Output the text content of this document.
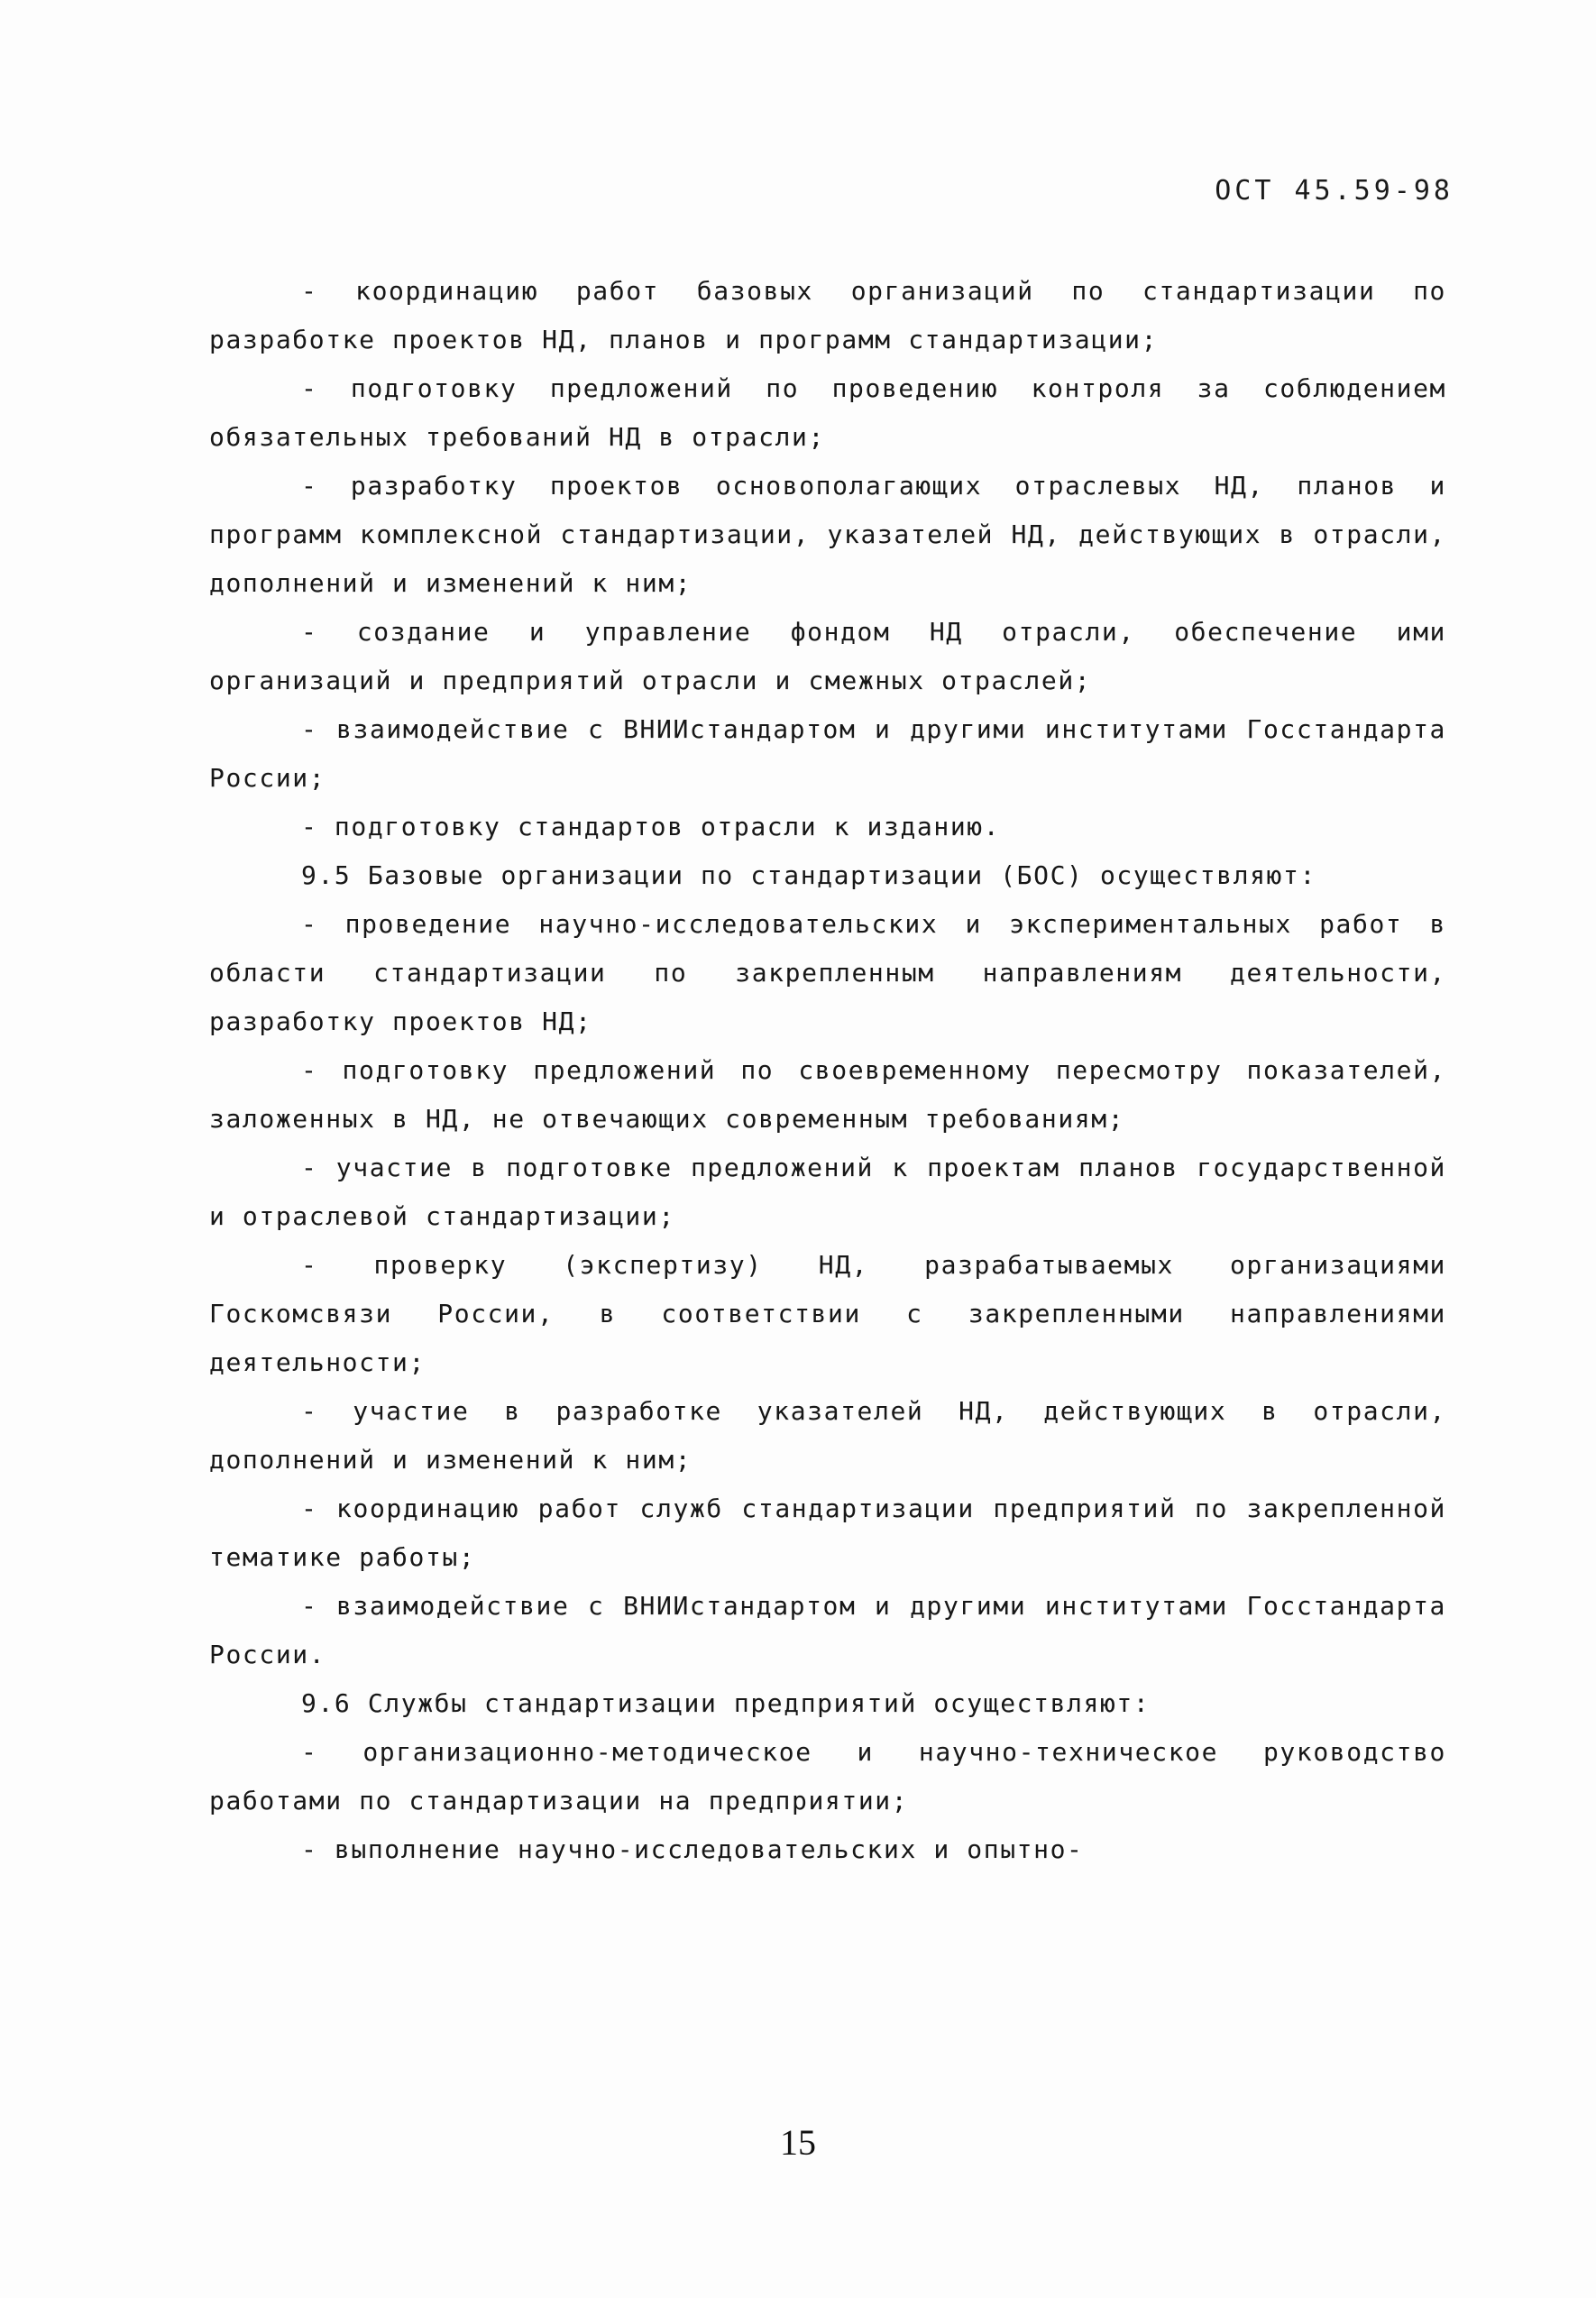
ОСТ 45.59-98

- координацию работ базовых организаций по стандартизации по разработке проектов НД, планов и программ стандартизации;

- подготовку предложений по проведению контроля за соблюдением обязательных требований НД в отрасли;

- разработку проектов основополагающих отраслевых НД, планов и программ комплексной стандартизации, указателей НД, действующих в отрасли, дополнений и изменений к ним;

- создание и управление фондом НД отрасли, обеспечение ими организаций и предприятий отрасли и смежных отраслей;

- взаимодействие с ВНИИстандартом и другими институтами Госстандарта России;

- подготовку стандартов отрасли к изданию.

9.5 Базовые организации по стандартизации (БОС) осуществляют:

- проведение научно-исследовательских и экспериментальных работ в области стандартизации по закрепленным направлениям деятельности, разработку проектов НД;

- подготовку предложений по своевременному пересмотру показателей, заложенных в НД, не отвечающих современным требованиям;

- участие в подготовке предложений к проектам планов государственной и отраслевой стандартизации;

- проверку (экспертизу) НД, разрабатываемых организациями Госкомсвязи России, в соответствии с закрепленными направлениями деятельности;

- участие в разработке указателей НД, действующих в отрасли, дополнений и изменений к ним;

- координацию работ служб стандартизации предприятий по закрепленной тематике работы;

- взаимодействие с ВНИИстандартом и другими институтами Госстандарта России.

9.6 Службы стандартизации предприятий осуществляют:

- организационно-методическое и научно-техническое руководство работами по стандартизации на предприятии;

- выполнение научно-исследовательских и опытно-

15
